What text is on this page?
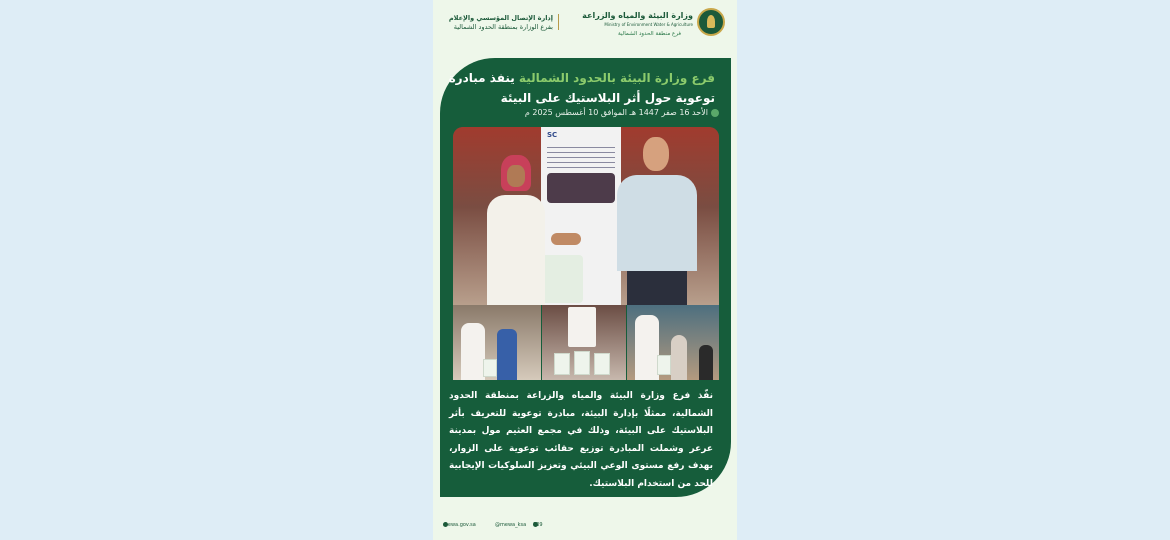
وزارة البيئة والمياه والزراعة
Ministry of Environment Water & Agriculture
فرع منطقة الحدود الشمالية
إدارة الإتصال المؤسسي والإعلام
بفرع الوزارة بمنطقة الحدود الشمالية
فرع وزارة البيئة بالحدود الشمالية ينفذ مبادرة توعوية حول أثر البلاستيك على البيئة
الأحد 16 صفر 1447 هـ الموافق 10 أغسطس 2025 م
SC
نفّذ فرع وزارة البيئة والمياه والزراعة بمنطقة الحدود الشمالية، ممثلًا بإدارة البيئة، مبادرة توعوية للتعريف بأثر البلاستيك على البيئة، وذلك في مجمع العثيم مول بمدينة عرعر وشملت المبادرة توزيع حقائب توعوية على الزوار، بهدف رفع مستوى الوعي البيئي وتعزيز السلوكيات الإيجابية للحد من استخدام البلاستيك.
mewa.gov.sa	@mewa_ksa 939
